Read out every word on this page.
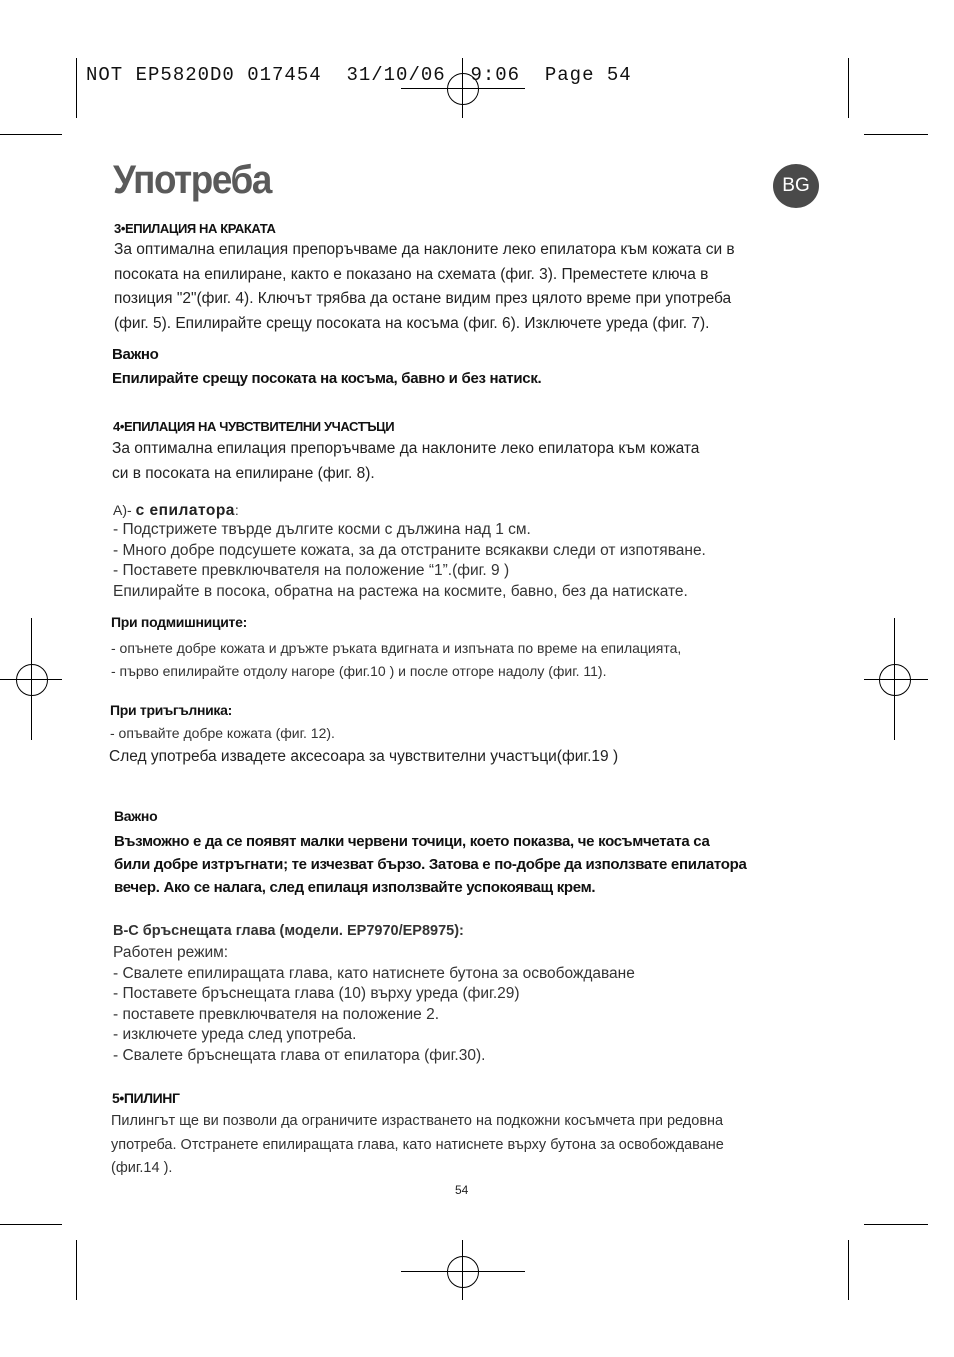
NOT EP5820D0 017454  31/10/06  9:06  Page 54
Употреба	BG
3•ЕПИЛАЦИЯ НА КРАКАТА
За оптимална епилация препоръчваме да наклоните леко епилатора към кожата си в
посоката на епилиране, както е показано на схемата (фиг. 3). Преместете ключа в
позиция "2"(фиг. 4). Ключът трябва да остане видим през цялото време при употреба
(фиг. 5). Епилирайте срещу посоката на косъма (фиг. 6). Изключете уреда (фиг. 7).
Важно
Епилирайте срещу посоката на косъма, бавно и без натиск.
4•ЕПИЛАЦИЯ НА ЧУВСТВИТЕЛНИ УЧАСТЪЦИ
За оптимална епилация препоръчваме да наклоните леко епилатора към кожата
си в посоката на епилиране (фиг. 8).
А)- с епилатора:
- Подстрижете твърде дългите косми с дължина над 1 см.
- Много добре подсушете кожата, за да отстраните всякакви следи от изпотяване.
- Поставете превключвателя на положение “1”.(фиг. 9 )
Епилирайте в посока, обратна на растежа на космите, бавно, без да натискате.
При подмишниците:
- опънете добре кожата и дръжте ръката вдигната и изпъната по време на епилацията,
- първо епилирайте отдолу нагоре (фиг.10 ) и после отгоре надолу (фиг. 11).
При триъгълника:
- опъвайте добре кожата (фиг. 12).
След употреба извадете аксесоара за чувствителни участъци(фиг.19 )
Важно
Възможно е да се появят малки червени точици, което показва, че косъмчетата са
били добре изтръгнати; те изчезват бързо. Затова е по-добре да използвате епилатора
вечер. Ако се налага, след епилаця използвайте успокояващ крем.
В-С бръснещата глава (модели. EP7970/EP8975):
Работен режим:
- Свалете епилиращата глава, като натиснете бутона за освобождаване
- Поставете бръснещата глава (10) върху уреда (фиг.29)
- поставете превключвателя на положение 2.
- изключете уреда след употреба.
- Свалете бръснещата глава от епилатора (фиг.30).
5•ПИЛИНГ
Пилингът ще ви позволи да ограничите израстването на подкожни косъмчета при редовна
употреба. Отстранете епилиращата глава, като натиснете върху бутона за освобождаване
(фиг.14 ).
54
